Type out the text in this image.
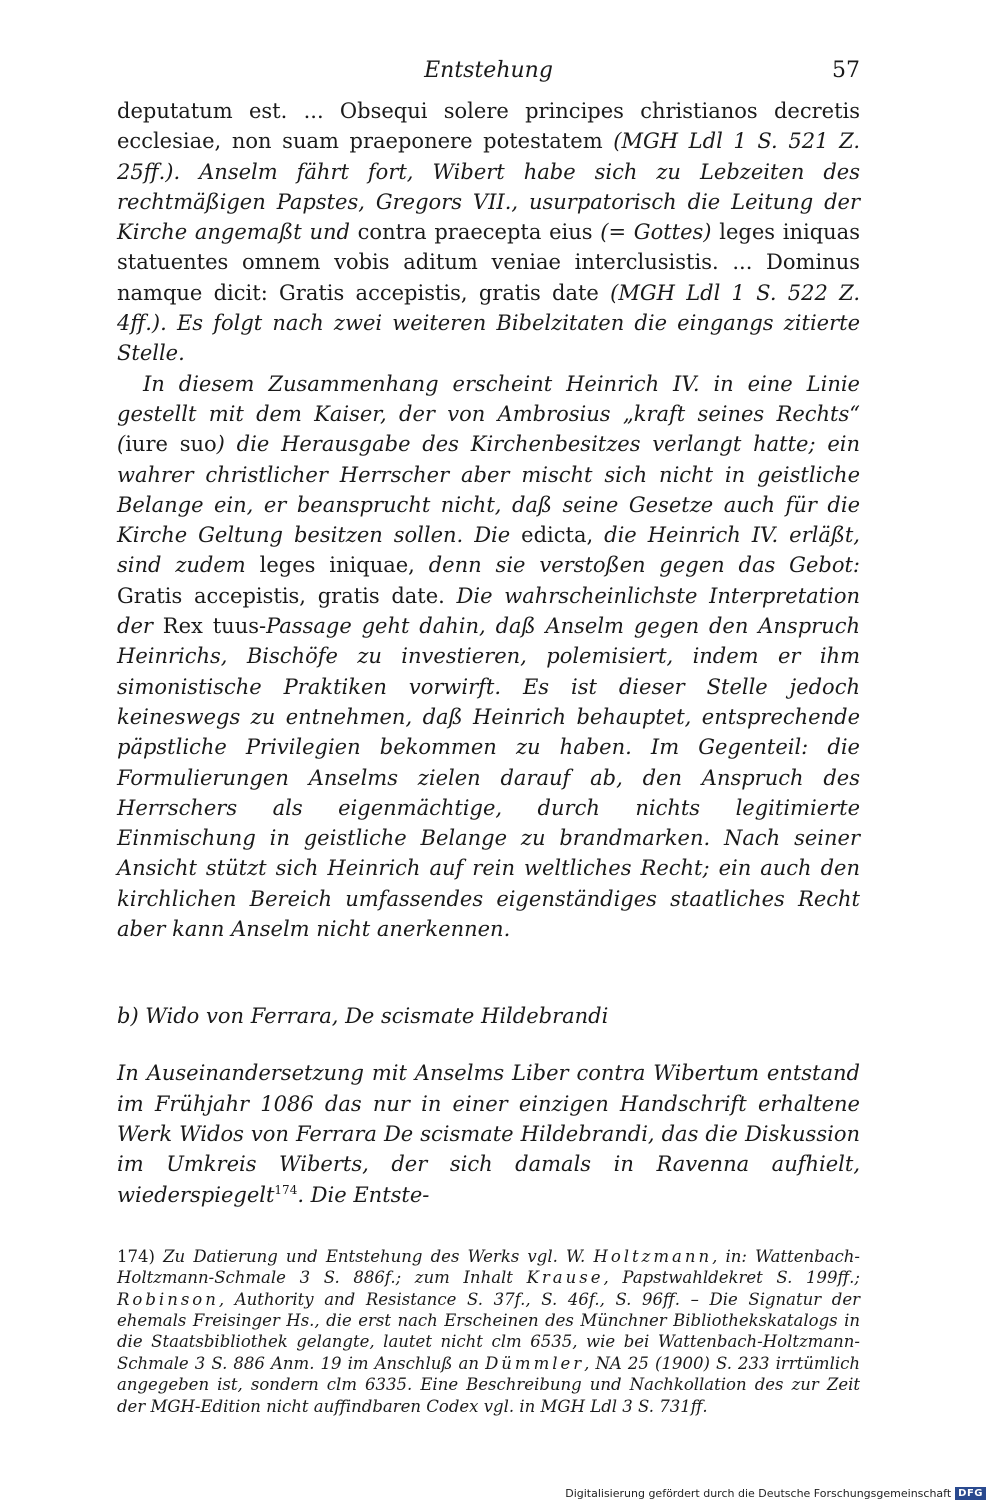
Entstehung	57

deputatum est. ... Obsequi solere principes christianos decretis ecclesiae, non suam praeponere potestatem (MGH Ldl 1 S. 521 Z. 25ff.). Anselm fährt fort, Wibert habe sich zu Lebzeiten des rechtmäßigen Papstes, Gregors VII., usurpatorisch die Leitung der Kirche angemaßt und contra praecepta eius (= Gottes) leges iniquas statuentes omnem vobis aditum veniae interclusistis. ... Dominus namque dicit: Gratis accepistis, gratis date (MGH Ldl 1 S. 522 Z. 4ff.). Es folgt nach zwei weiteren Bibelzitaten die eingangs zitierte Stelle.

In diesem Zusammenhang erscheint Heinrich IV. in eine Linie gestellt mit dem Kaiser, der von Ambrosius „kraft seines Rechts“ (iure suo) die Herausgabe des Kirchenbesitzes verlangt hatte; ein wahrer christlicher Herrscher aber mischt sich nicht in geistliche Belange ein, er beansprucht nicht, daß seine Gesetze auch für die Kirche Geltung besitzen sollen. Die edicta, die Heinrich IV. erläßt, sind zudem leges iniquae, denn sie verstoßen gegen das Gebot: Gratis accepistis, gratis date. Die wahrscheinlichste Interpretation der Rex tuus-Passage geht dahin, daß Anselm gegen den Anspruch Heinrichs, Bischöfe zu investieren, polemisiert, indem er ihm simonistische Praktiken vorwirft. Es ist dieser Stelle jedoch keineswegs zu entnehmen, daß Heinrich behauptet, entsprechende päpstliche Privilegien bekommen zu haben. Im Gegenteil: die Formulierungen Anselms zielen darauf ab, den Anspruch des Herrschers als eigenmächtige, durch nichts legitimierte Einmischung in geistliche Belange zu brandmarken. Nach seiner Ansicht stützt sich Heinrich auf rein weltliches Recht; ein auch den kirchlichen Bereich umfassendes eigenständiges staatliches Recht aber kann Anselm nicht anerkennen.

b) Wido von Ferrara, De scismate Hildebrandi

In Auseinandersetzung mit Anselms Liber contra Wibertum entstand im Frühjahr 1086 das nur in einer einzigen Handschrift erhaltene Werk Widos von Ferrara De scismate Hildebrandi, das die Diskussion im Umkreis Wiberts, der sich damals in Ravenna aufhielt, wiederspiegelt$^{174}$. Die Entste-

174) Zu Datierung und Entstehung des Werks vgl. W. Holtzmann, in: Wattenbach-Holtzmann-Schmale 3 S. 886f.; zum Inhalt Krause, Papstwahldekret S. 199ff.; Robinson, Authority and Resistance S. 37f., S. 46f., S. 96ff. – Die Signatur der ehemals Freisinger Hs., die erst nach Erscheinen des Münchner Bibliothekskatalogs in die Staatsbibliothek gelangte, lautet nicht clm 6535, wie bei Wattenbach-Holtzmann-Schmale 3 S. 886 Anm. 19 im Anschluß an Dümmler, NA 25 (1900) S. 233 irrtümlich angegeben ist, sondern clm 6335. Eine Beschreibung und Nachkollation des zur Zeit der MGH-Edition nicht auffindbaren Codex vgl. in MGH Ldl 3 S. 731ff.
Digitalisierung gefördert durch die Deutsche Forschungsgemeinschaft DFG
